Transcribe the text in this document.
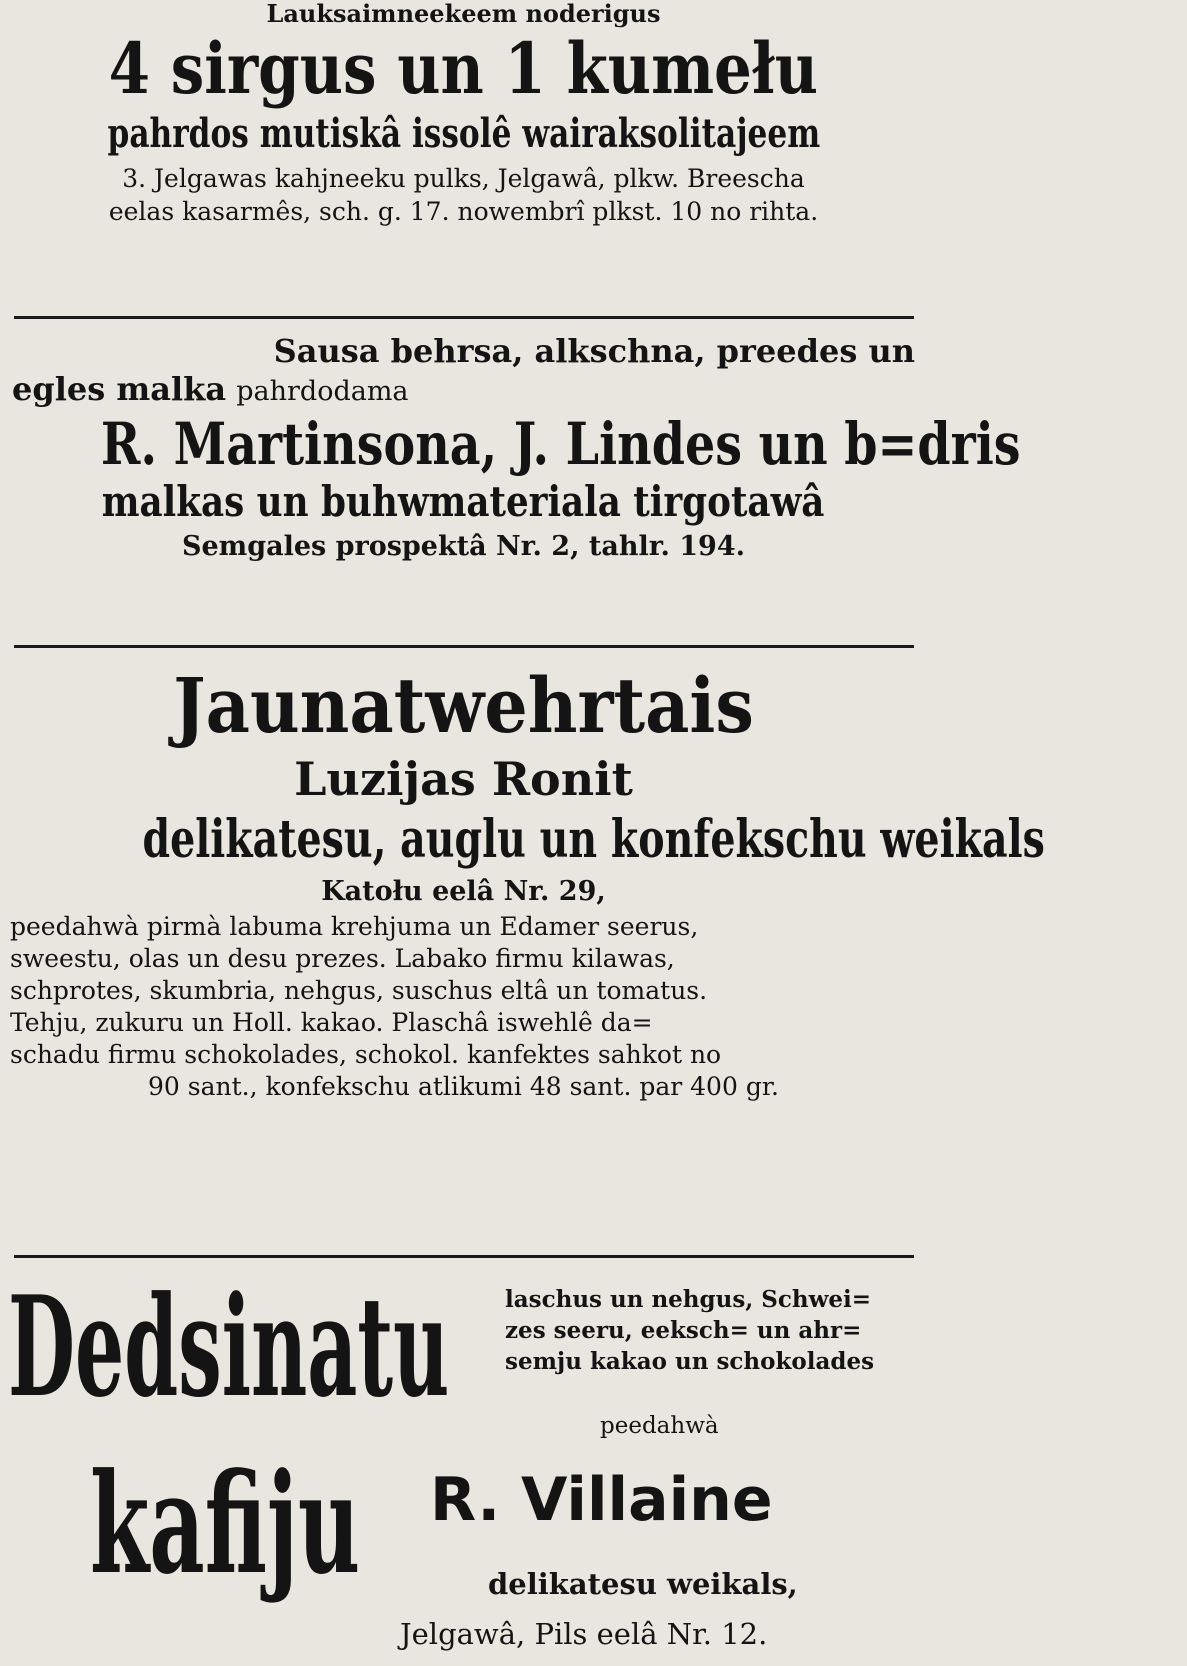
Lauksaimneekeem noderigus
4 sirgus un 1 kumełu
pahrdos mutiskâ issolê wairaksolitajeem
3. Jelgawas kahjneeku pulks, Jelgawâ, plkw. Breescha
eelas kasarmês, sch. g. 17. nowembrî plkst. 10 no rihta.
Sausa behrsa, alkschna, preedes un
egles malka pahrdodama
R. Martinsona, J. Lindes un b=dris
malkas un buhwmateriala tirgotawâ
Semgales prospektâ Nr. 2, tahlr. 194.
Jaunatwehrtais
Luzijas Ronit
delikatesu, auglu un konfekschu weikals
Katołu eelâ Nr. 29,
peedahwà pirmà labuma krehjuma un Edamer seerus,
sweestu, olas un desu prezes. Labako firmu kilawas,
schprotes, skumbria, nehgus, suschus eltâ un tomatus.
Tehju, zukuru un Holl. kakao. Plaschâ iswehlê da=
schadu firmu schokolades, schokol. kanfektes sahkot no
90 sant., konfekschu atlikumi 48 sant. par 400 gr.
Dedsinatu
kafiju
laschus un nehgus, Schwei=
zes seeru, eeksch= un ahr=
semju kakao un schokolades
peedahwà
R. Villaine
delikatesu weikals,
Jelgawâ, Pils eelâ Nr. 12.
